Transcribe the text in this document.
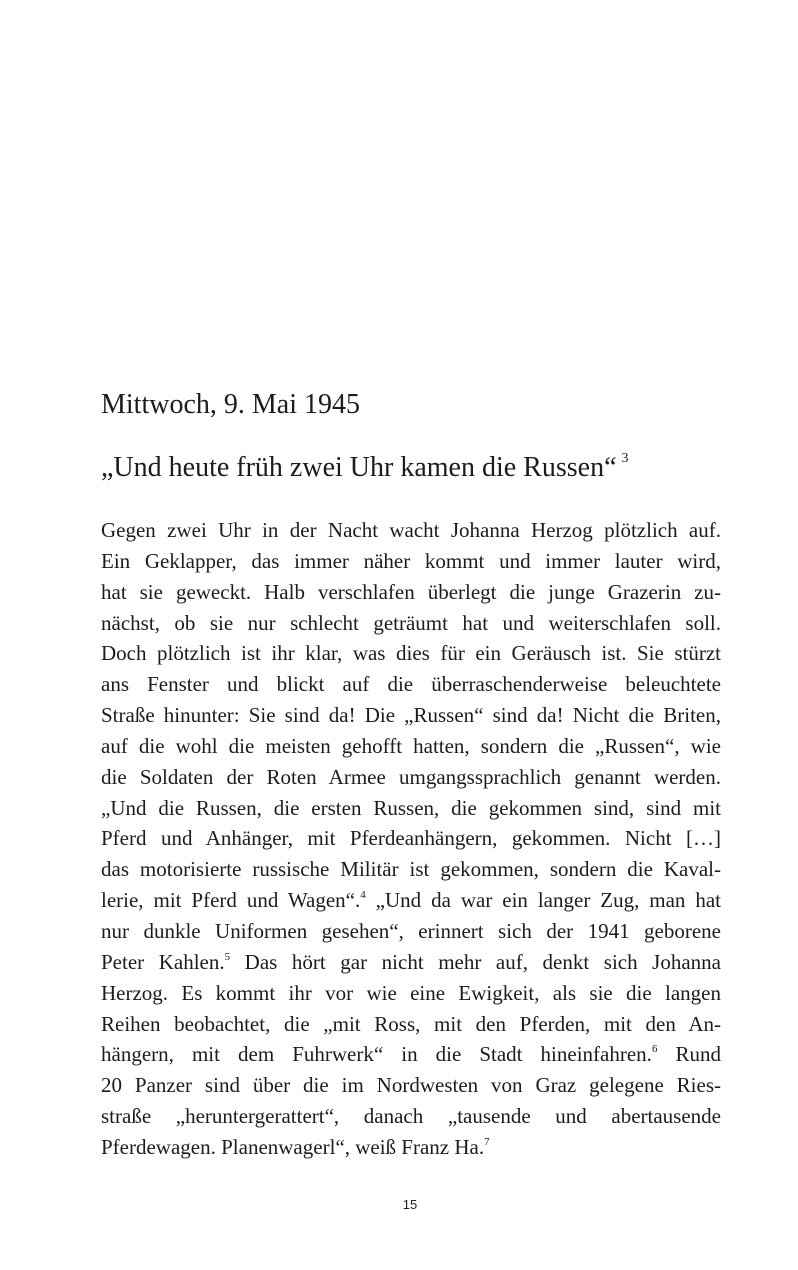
Mittwoch, 9. Mai 1945
„Und heute früh zwei Uhr kamen die Russen“ $^3$
Gegen zwei Uhr in der Nacht wacht Johanna Herzog plötzlich auf.
Ein Geklapper, das immer näher kommt und immer lauter wird,
hat sie geweckt. Halb verschlafen überlegt die junge Grazerin zu-
nächst, ob sie nur schlecht geträumt hat und weiterschlafen soll.
Doch plötzlich ist ihr klar, was dies für ein Geräusch ist. Sie stürzt
ans Fenster und blickt auf die überraschenderweise beleuchtete
Straße hinunter: Sie sind da! Die „Russen“ sind da! Nicht die Briten,
auf die wohl die meisten gehofft hatten, sondern die „Russen“, wie
die Soldaten der Roten Armee umgangssprachlich genannt werden.
„Und die Russen, die ersten Russen, die gekommen sind, sind mit
Pferd und Anhänger, mit Pferdeanhängern, gekommen. Nicht […]
das motorisierte russische Militär ist gekommen, sondern die Kaval-
lerie, mit Pferd und Wagen“.$^4$ „Und da war ein langer Zug, man hat
nur dunkle Uniformen gesehen“, erinnert sich der 1941 geborene
Peter Kahlen.$^5$ Das hört gar nicht mehr auf, denkt sich Johanna
Herzog. Es kommt ihr vor wie eine Ewigkeit, als sie die langen
Reihen beobachtet, die „mit Ross, mit den Pferden, mit den An-
hängern, mit dem Fuhrwerk“ in die Stadt hineinfahren.$^6$ Rund
20 Panzer sind über die im Nordwesten von Graz gelegene Ries-
straße „heruntergerattert“, danach „tausende und abertausende
Pferdewagen. Planenwagerl“, weiß Franz Ha.$^7$
15
